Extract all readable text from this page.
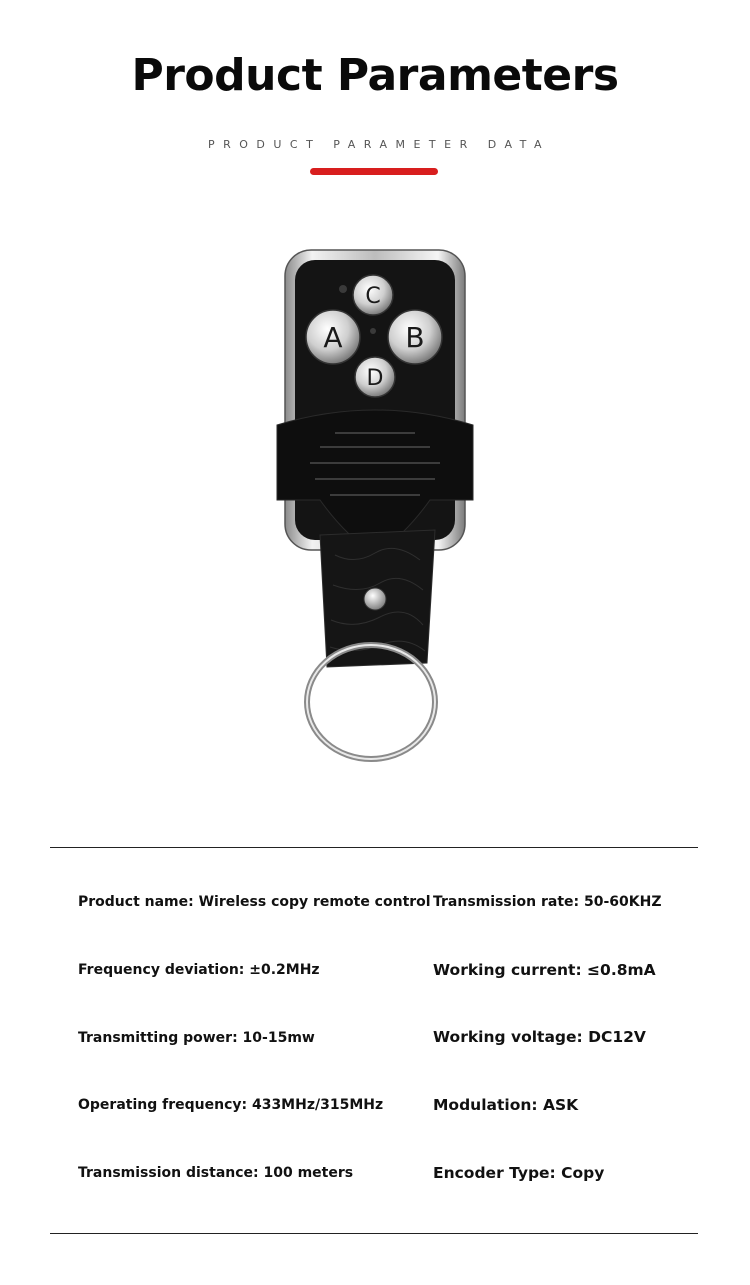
Product Parameters
PRODUCT PARAMETER DATA
C
A B
D
Product name: Wireless copy remote control
Frequency deviation: ±0.2MHz
Transmitting power: 10-15mw
Operating frequency: 433MHz/315MHz
Transmission distance: 100 meters
Transmission rate: 50-60KHZ
Working current: ≤0.8mA
Working voltage: DC12V
Modulation: ASK
Encoder Type: Copy
